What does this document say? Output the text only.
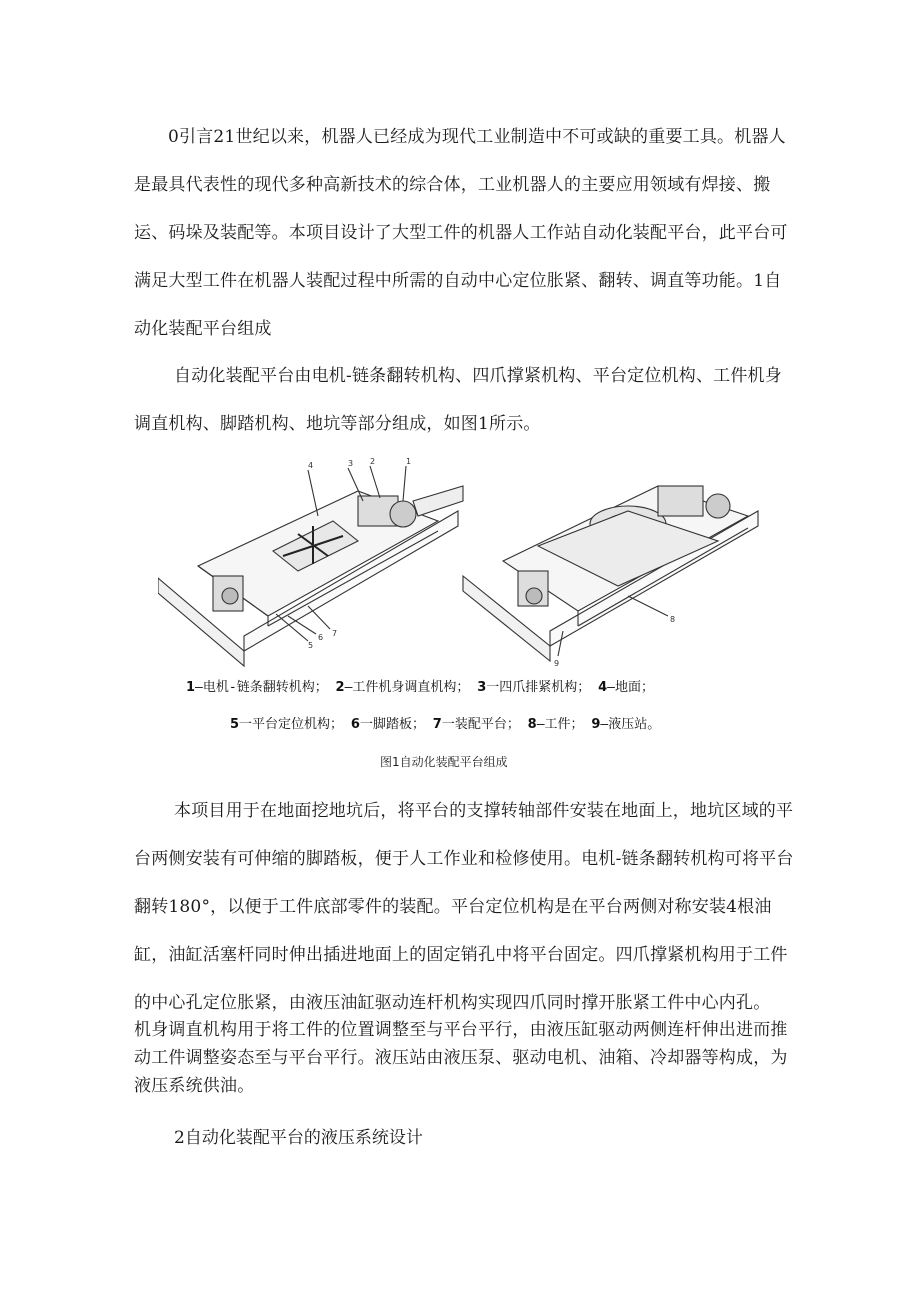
0引言21世纪以来，机器人已经成为现代工业制造中不可或缺的重要工具。机器人是最具代表性的现代多种高新技术的综合体，工业机器人的主要应用领域有焊接、搬运、码垛及装配等。本项目设计了大型工件的机器人工作站自动化装配平台，此平台可满足大型工件在机器人装配过程中所需的自动中心定位胀紧、翻转、调直等功能。1自动化装配平台组成

自动化装配平台由电机-链条翻转机构、四爪撑紧机构、平台定位机构、工件机身调直机构、脚踏机构、地坑等部分组成，如图1所示。

4	3 2	1
5
6 7
8
9

1—电机-链条翻转机构； 2—工件机身调直机构； 3一四爪排紧机构； 4—地面；

5一平台定位机构； 6一脚踏板； 7一装配平台； 8—工件； 9—液压站。

图1自动化装配平台组成

本项目用于在地面挖地坑后，将平台的支撑转轴部件安装在地面上，地坑区域的平台两侧安装有可伸缩的脚踏板，便于人工作业和检修使用。电机-链条翻转机构可将平台翻转180°，以便于工件底部零件的装配。平台定位机构是在平台两侧对称安装4根油缸，油缸活塞杆同时伸出插进地面上的固定销孔中将平台固定。四爪撑紧机构用于工件的中心孔定位胀紧，由液压油缸驱动连杆机构实现四爪同时撑开胀紧工件中心内孔。

机身调直机构用于将工件的位置调整至与平台平行，由液压缸驱动两侧连杆伸出进而推动工件调整姿态至与平台平行。液压站由液压泵、驱动电机、油箱、冷却器等构成，为液压系统供油。

2自动化装配平台的液压系统设计
